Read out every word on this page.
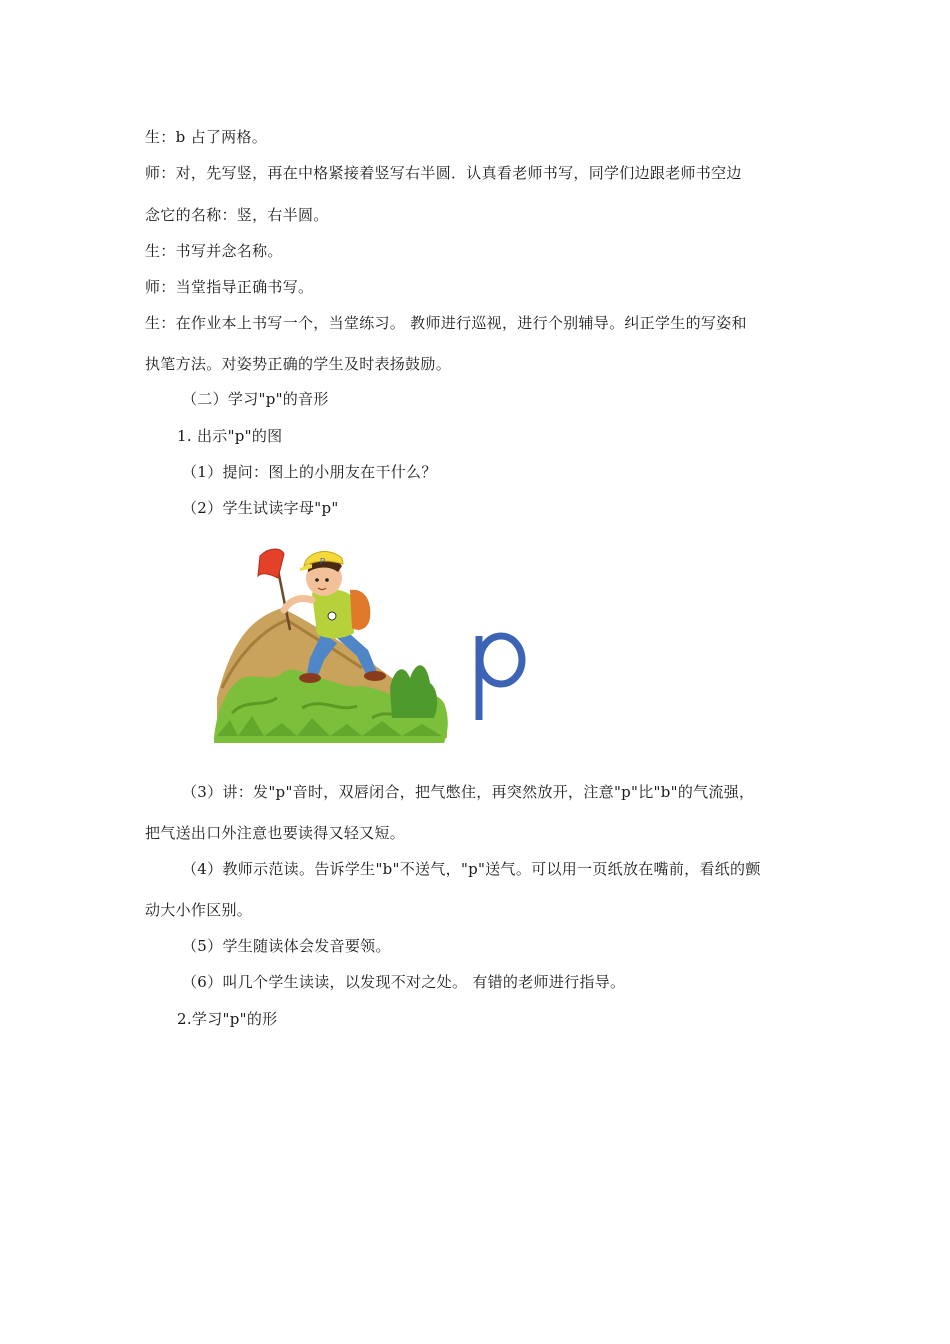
生：b 占了两格。
师：对，先写竖，再在中格紧接着竖写右半圆．认真看老师书写，同学们边跟老师书空边
念它的名称：竖，右半圆。
生：书写并念名称。
师：当堂指导正确书写。
生：在作业本上书写一个，当堂练习。 教师进行巡视，进行个别辅导。纠正学生的写姿和
执笔方法。对姿势正确的学生及时表扬鼓励。
（二）学习"p"的音形
1. 出示"p"的图
（1）提问：图上的小朋友在干什么？
（2）学生试读字母"p"
P
（3）讲：发"p"音时，双唇闭合，把气憋住，再突然放开，注意"p"比"b"的气流强，
把气送出口外注意也要读得又轻又短。
（4）教师示范读。告诉学生"b"不送气，"p"送气。可以用一页纸放在嘴前，看纸的颤
动大小作区别。
（5）学生随读体会发音要领。
（6）叫几个学生读读，以发现不对之处。 有错的老师进行指导。
2.学习"p"的形
